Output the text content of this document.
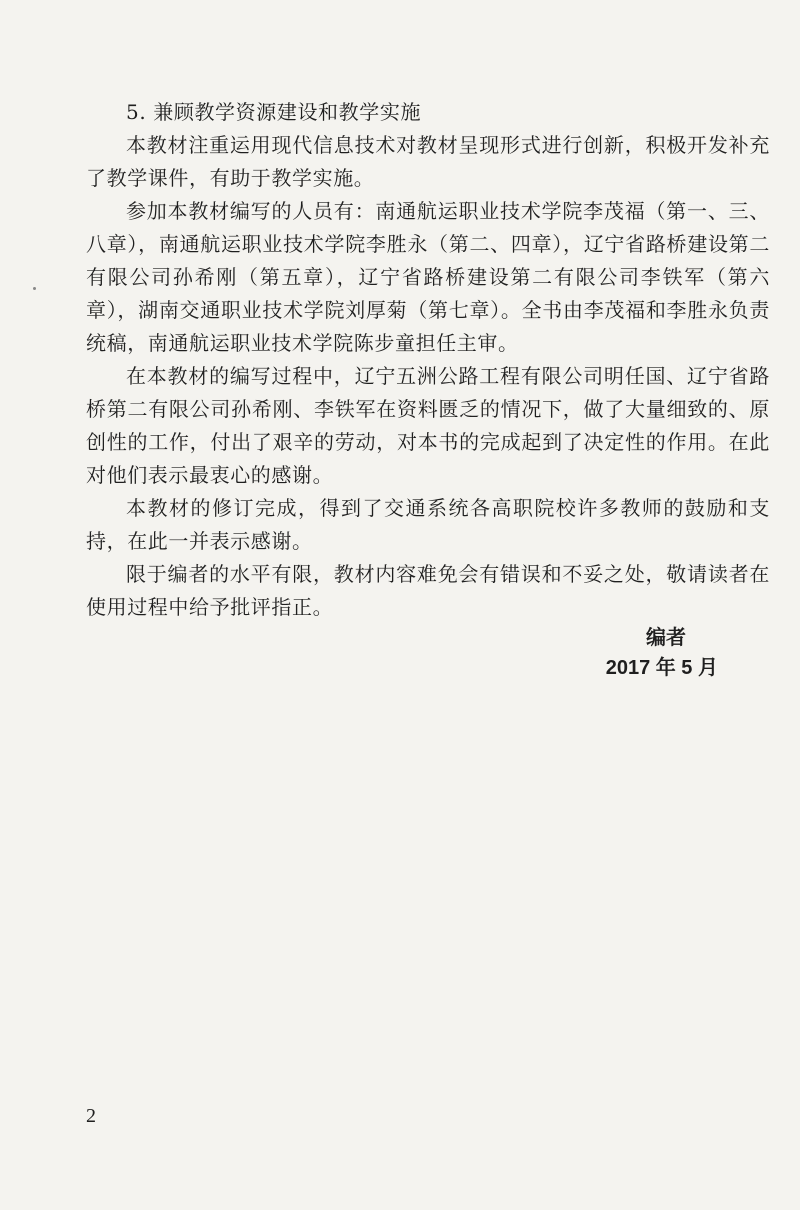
5. 兼顾教学资源建设和教学实施

本教材注重运用现代信息技术对教材呈现形式进行创新，积极开发补充了教学课件，有助于教学实施。

参加本教材编写的人员有：南通航运职业技术学院李茂福（第一、三、八章），南通航运职业技术学院李胜永（第二、四章），辽宁省路桥建设第二有限公司孙希刚（第五章），辽宁省路桥建设第二有限公司李铁军（第六章），湖南交通职业技术学院刘厚菊（第七章）。全书由李茂福和李胜永负责统稿，南通航运职业技术学院陈步童担任主审。

在本教材的编写过程中，辽宁五洲公路工程有限公司明任国、辽宁省路桥第二有限公司孙希刚、李铁军在资料匮乏的情况下，做了大量细致的、原创性的工作，付出了艰辛的劳动，对本书的完成起到了决定性的作用。在此对他们表示最衷心的感谢。

本教材的修订完成，得到了交通系统各高职院校许多教师的鼓励和支持，在此一并表示感谢。

限于编者的水平有限，教材内容难免会有错误和不妥之处，敬请读者在使用过程中给予批评指正。

编者
2017 年 5 月
2
